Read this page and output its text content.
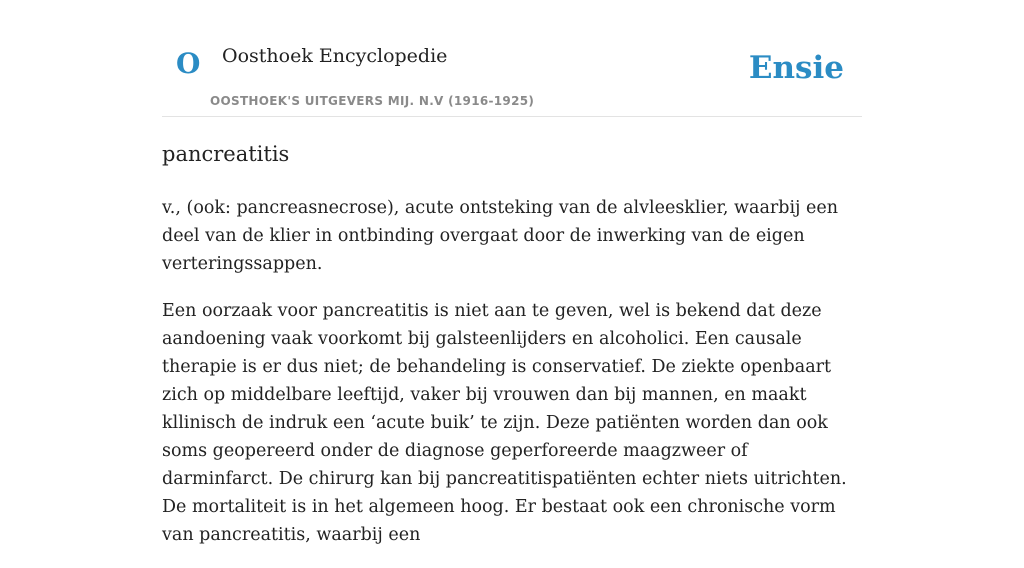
O Oosthoek Encyclopedie
OOSTHOEK'S UITGEVERS MIJ. N.V (1916-1925)
Ensie
pancreatitis

v., (ook: pancreasnecrose), acute ontsteking van de alvleesklier, waarbij een deel van de klier in ontbinding overgaat door de inwerking van de eigen verteringssappen.

Een oorzaak voor pancreatitis is niet aan te geven, wel is bekend dat deze aandoening vaak voorkomt bij galsteenlijders en alcoholici. Een causale therapie is er dus niet; de behandeling is conservatief. De ziekte openbaart zich op middelbare leeftijd, vaker bij vrouwen dan bij mannen, en maakt kllinisch de indruk een ‘acute buik’ te zijn. Deze patiënten worden dan ook soms geopereerd onder de diagnose geperforeerde maagzweer of darminfarct. De chirurg kan bij pancreatitispatiënten echter niets uitrichten. De mortaliteit is in het algemeen hoog. Er bestaat ook een chronische vorm van pancreatitis, waarbij een
